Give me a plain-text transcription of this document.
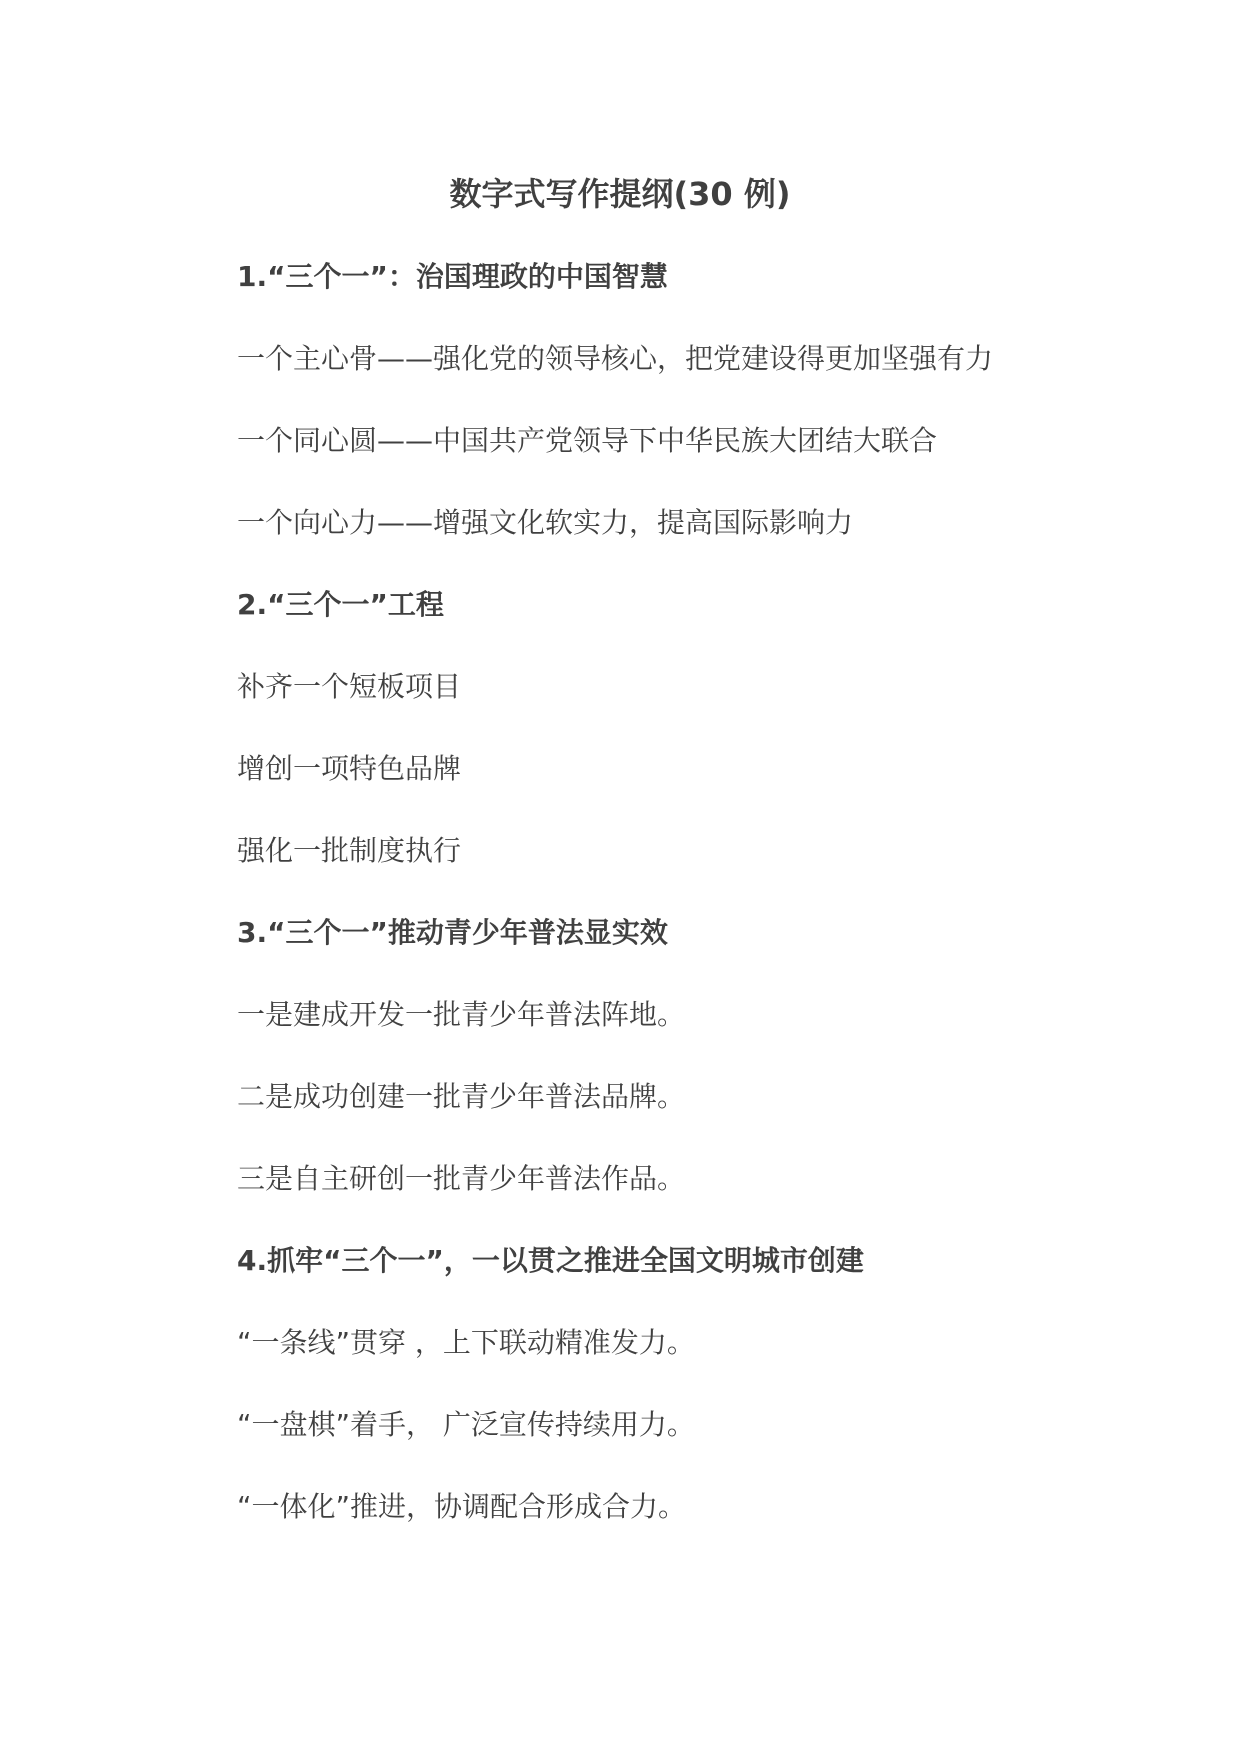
数字式写作提纲(30 例)

1.“三个一”：治国理政的中国智慧

一个主心骨——强化党的领导核心，把党建设得更加坚强有力

一个同心圆——中国共产党领导下中华民族大团结大联合

一个向心力——增强文化软实力，提高国际影响力

2.“三个一”工程

补齐一个短板项目

增创一项特色品牌

强化一批制度执行

3.“三个一”推动青少年普法显实效

一是建成开发一批青少年普法阵地。

二是成功创建一批青少年普法品牌。

三是自主研创一批青少年普法作品。

4.抓牢“三个一”，一以贯之推进全国文明城市创建

“一条线”贯穿 ，上下联动精准发力。

“一盘棋”着手， 广泛宣传持续用力。

“一体化”推进，协调配合形成合力。
